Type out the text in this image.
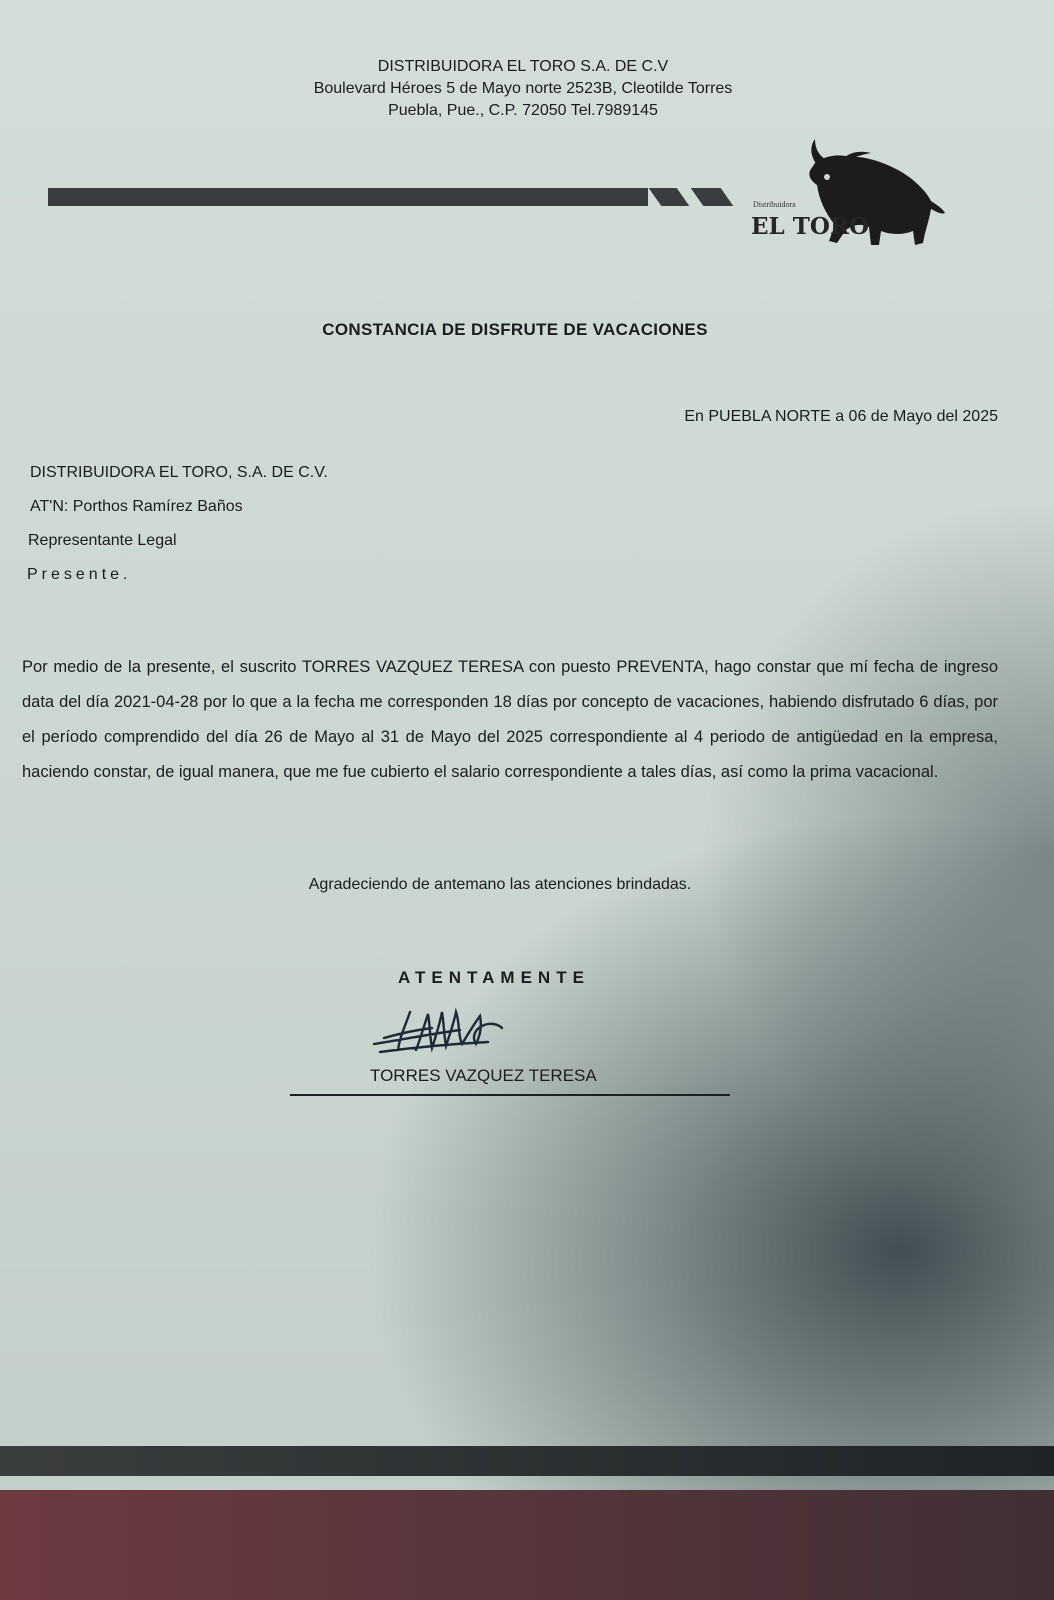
DISTRIBUIDORA EL TORO S.A. DE C.V
Boulevard Héroes 5 de Mayo norte 2523B, Cleotilde Torres
Puebla, Pue., C.P. 72050 Tel.7989145
Distribuidora
EL TORO
CONSTANCIA DE DISFRUTE DE VACACIONES
En PUEBLA NORTE a 06 de Mayo del 2025
DISTRIBUIDORA EL TORO, S.A. DE C.V.
AT'N: Porthos Ramírez Baños
Representante Legal
Presente.
Por medio de la presente, el suscrito TORRES VAZQUEZ TERESA con puesto PREVENTA, hago constar que mí fecha de ingreso data del día 2021-04-28 por lo que a la fecha me corresponden 18 días por concepto de vacaciones, habiendo disfrutado 6 días, por el período comprendido del día 26 de Mayo al 31 de Mayo del 2025 correspondiente al 4 periodo de antigüedad en la empresa, haciendo constar, de igual manera, que me fue cubierto el salario correspondiente a tales días, así como la prima vacacional.
Agradeciendo de antemano las atenciones brindadas.
ATENTAMENTE
TORRES VAZQUEZ TERESA
